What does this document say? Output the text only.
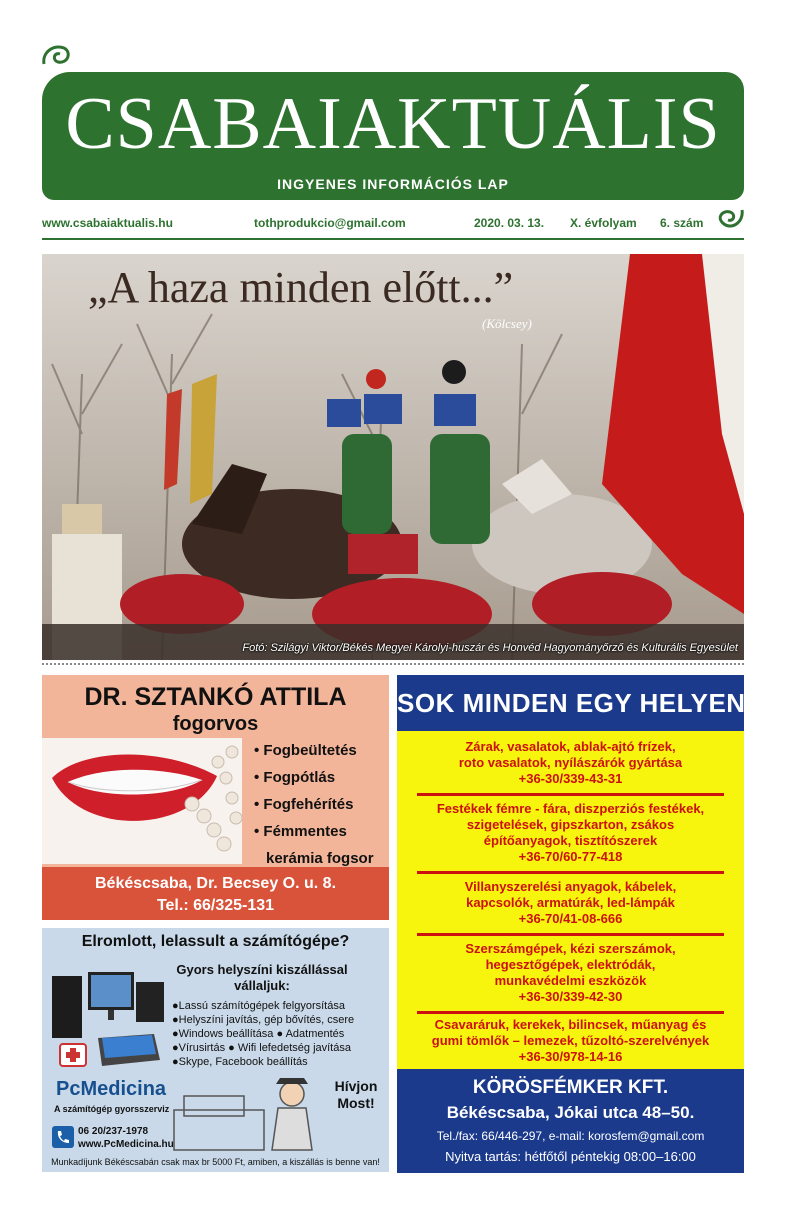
CSABAIAKTUÁLIS
INGYENES INFORMÁCIÓS LAP
www.csabaiaktualis.hu	tothprodukcio@gmail.com	2020. 03. 13. X. évfolyam 6. szám
„A haza minden előtt...”
(Kölcsey)
Fotó: Szilágyi Viktor/Békés Megyei Károlyi-huszár és Honvéd Hagyományőrző és Kulturális Egyesület
DR. SZTANKÓ ATTILA
fogorvos
• Fogbeültetés
• Fogpótlás
• Fogfehérítés
• Fémmentes
kerámia fogsor
Békéscsaba, Dr. Becsey O. u. 8.
Tel.: 66/325-131
Elromlott, lelassult a számítógépe?
Gyors helyszíni kiszállással
vállaljuk:
● Lassú számítógépek felgyorsítása
● Helyszíni javítás, gép bővítés, csere
● Windows beállítása ● Adatmentés
● Vírusirtás ● Wifi lefedetség javítása
● Skype, Facebook beállítás
PcMedicina
A számítógép gyorsszerviz
06 20/237-1978
www.PcMedicina.hu
Hívjon
Most!
Munkadíjunk Békéscsabán csak max br 5000 Ft, amiben, a kiszállás is benne van!
SOK MINDEN EGY HELYEN
Zárak, vasalatok, ablak-ajtó frízek,
roto vasalatok, nyílászárók gyártása
+36-30/339-43-31
Festékek fémre - fára, diszperziós festékek,
szigetelések, gipszkarton, zsákos
építőanyagok, tisztítószerek
+36-70/60-77-418
Villanyszerelési anyagok, kábelek,
kapcsolók, armatúrák, led-lámpák
+36-70/41-08-666
Szerszámgépek, kézi szerszámok,
hegesztőgépek, elektródák,
munkavédelmi eszközök
+36-30/339-42-30
Csavaráruk, kerekek, bilincsek, műanyag és
gumi tömlők – lemezek, tűzoltó-szerelvények
+36-30/978-14-16
KÖRÖSFÉMKER KFT.
Békéscsaba, Jókai utca 48–50.
Tel./fax: 66/446-297, e-mail: korosfem@gmail.com
Nyitva tartás: hétfőtől péntekig 08:00–16:00
